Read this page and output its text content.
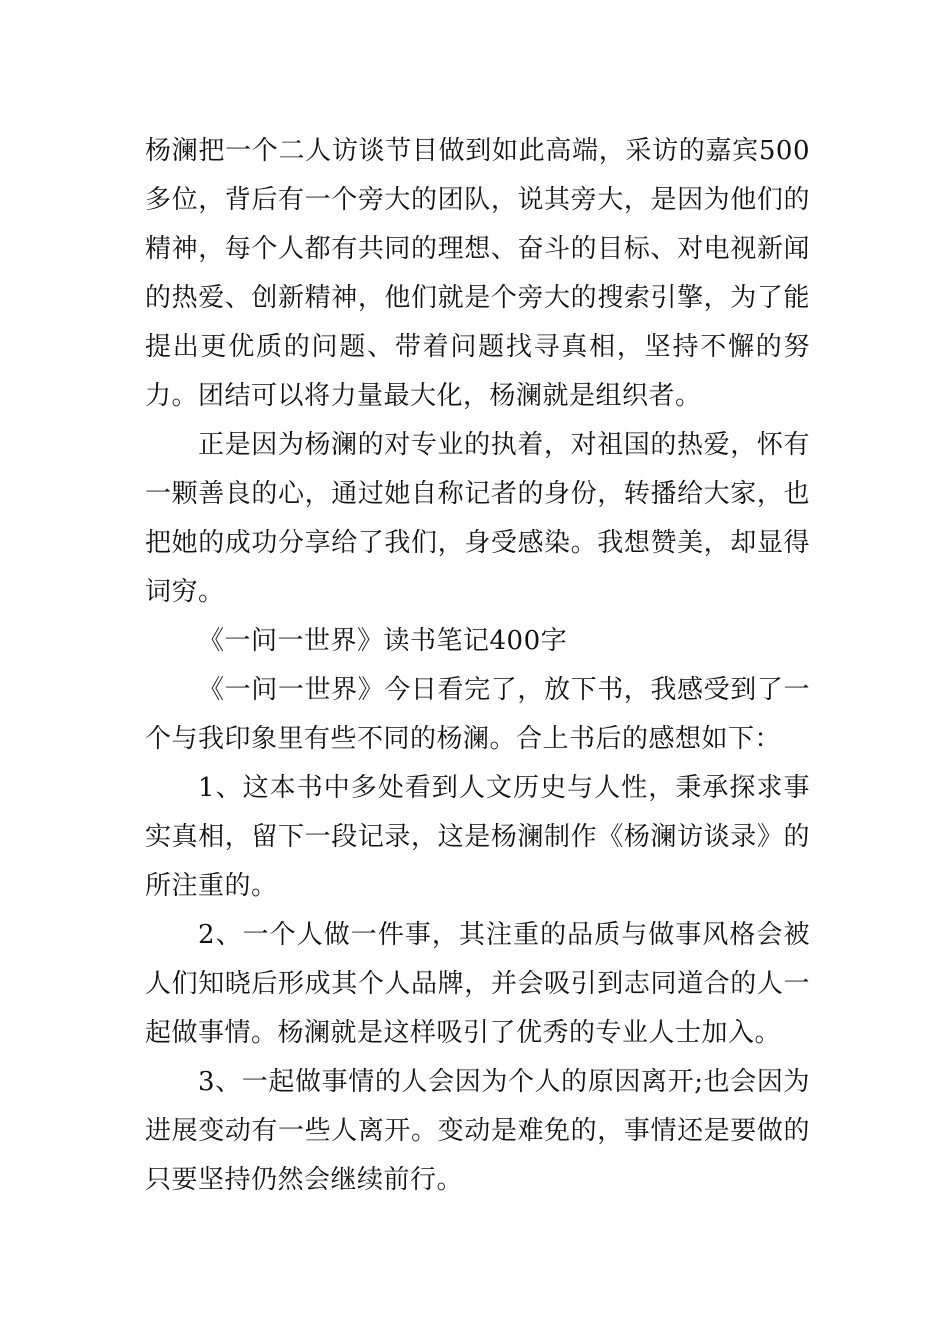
杨澜把一个二人访谈节目做到如此高端，采访的嘉宾500多位，背后有一个旁大的团队，说其旁大，是因为他们的精神，每个人都有共同的理想、奋斗的目标、对电视新闻的热爱、创新精神，他们就是个旁大的搜索引擎，为了能提出更优质的问题、带着问题找寻真相，坚持不懈的努力。团结可以将力量最大化，杨澜就是组织者。

正是因为杨澜的对专业的执着，对祖国的热爱，怀有一颗善良的心，通过她自称记者的身份，转播给大家，也把她的成功分享给了我们，身受感染。我想赞美，却显得词穷。

《一问一世界》读书笔记400字

《一问一世界》今日看完了，放下书，我感受到了一个与我印象里有些不同的杨澜。合上书后的感想如下：

1、这本书中多处看到人文历史与人性，秉承探求事实真相，留下一段记录，这是杨澜制作《杨澜访谈录》的所注重的。

2、一个人做一件事，其注重的品质与做事风格会被人们知晓后形成其个人品牌，并会吸引到志同道合的人一起做事情。杨澜就是这样吸引了优秀的专业人士加入。

3、一起做事情的人会因为个人的原因离开;也会因为进展变动有一些人离开。变动是难免的，事情还是要做的只要坚持仍然会继续前行。
